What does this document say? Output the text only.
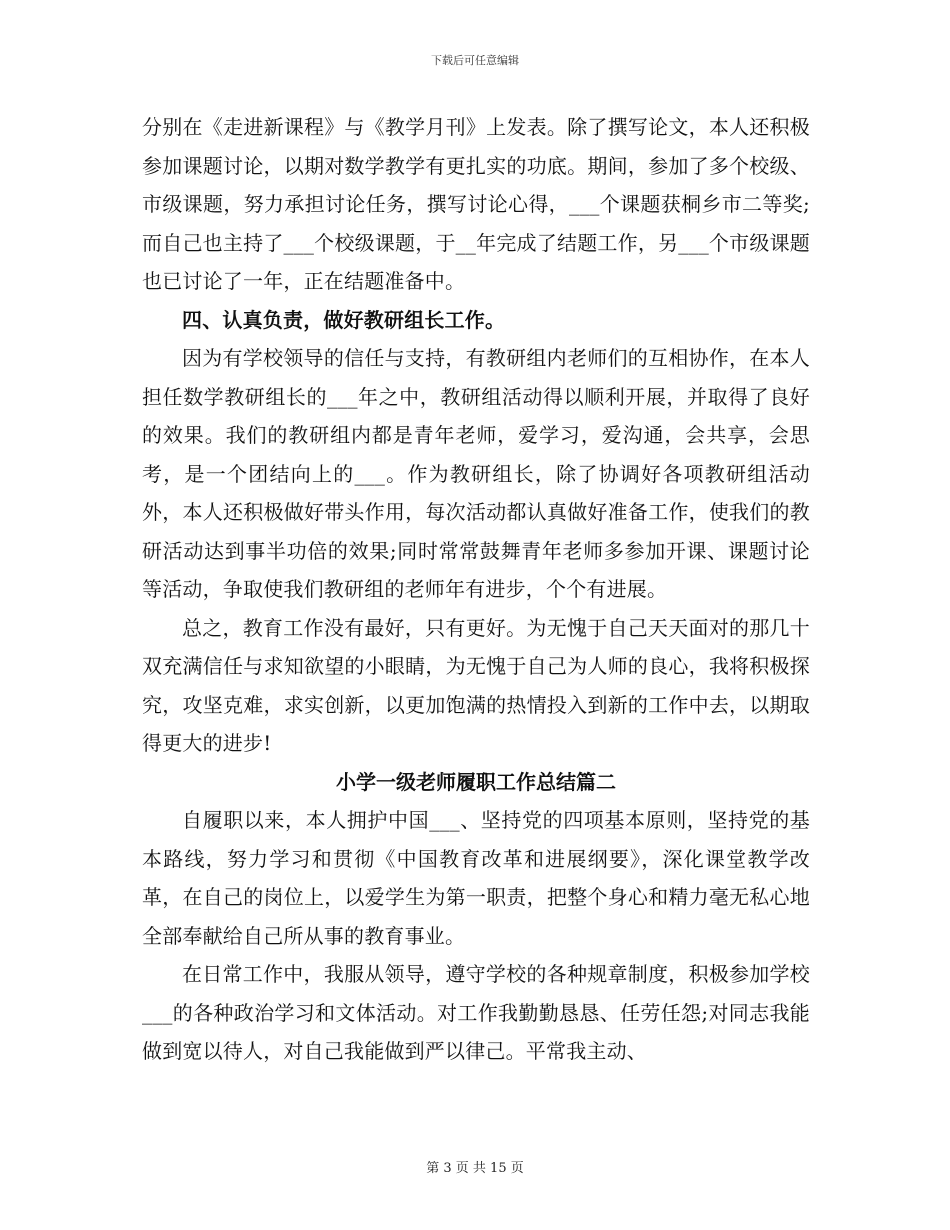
下载后可任意编辑

分别在《走进新课程》与《教学月刊》上发表。除了撰写论文，本人还积极参加课题讨论，以期对数学教学有更扎实的功底。期间，参加了多个校级、市级课题，努力承担讨论任务，撰写讨论心得，___个课题获桐乡市二等奖;而自己也主持了___个校级课题，于__年完成了结题工作，另___个市级课题也已讨论了一年，正在结题准备中。

四、认真负责，做好教研组长工作。

因为有学校领导的信任与支持，有教研组内老师们的互相协作，在本人担任数学教研组长的___年之中，教研组活动得以顺利开展，并取得了良好的效果。我们的教研组内都是青年老师，爱学习，爱沟通，会共享，会思考，是一个团结向上的___。作为教研组长，除了协调好各项教研组活动外，本人还积极做好带头作用，每次活动都认真做好准备工作，使我们的教研活动达到事半功倍的效果;同时常常鼓舞青年老师多参加开课、课题讨论等活动，争取使我们教研组的老师年有进步，个个有进展。

总之，教育工作没有最好，只有更好。为无愧于自己天天面对的那几十双充满信任与求知欲望的小眼睛，为无愧于自己为人师的良心，我将积极探究，攻坚克难，求实创新，以更加饱满的热情投入到新的工作中去，以期取得更大的进步!

小学一级老师履职工作总结篇二

自履职以来，本人拥护中国___、坚持党的四项基本原则，坚持党的基本路线，努力学习和贯彻《中国教育改革和进展纲要》，深化课堂教学改革，在自己的岗位上，以爱学生为第一职责，把整个身心和精力毫无私心地全部奉献给自己所从事的教育事业。

在日常工作中，我服从领导，遵守学校的各种规章制度，积极参加学校___的各种政治学习和文体活动。对工作我勤勤恳恳、任劳任怨;对同志我能做到宽以待人，对自己我能做到严以律己。平常我主动、

第 3 页 共 15 页
